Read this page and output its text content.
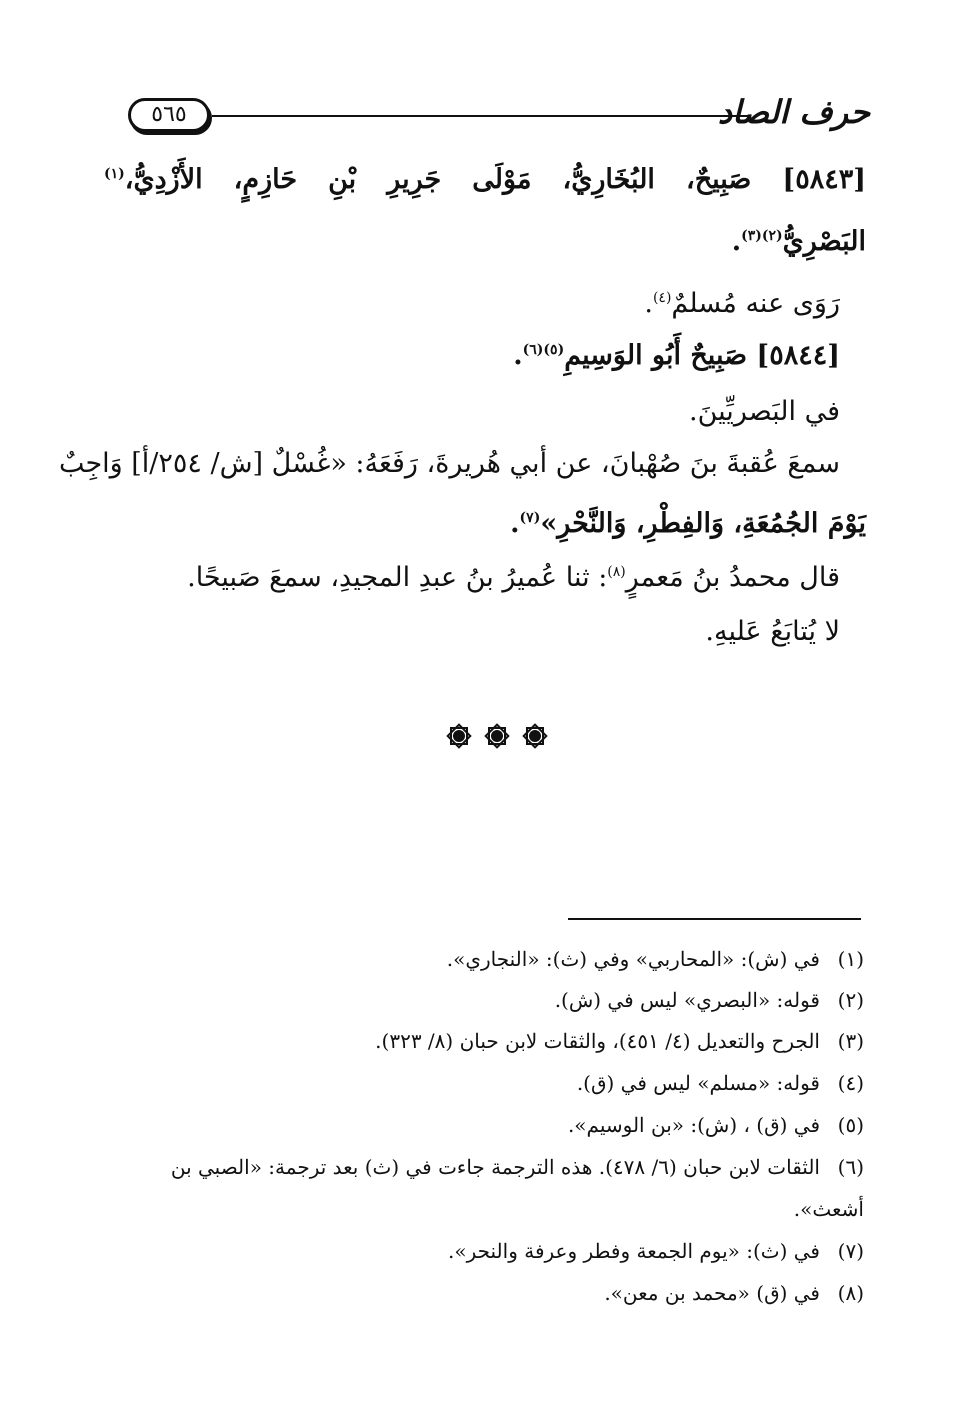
٥٦٥	حرف الصاد
[٥٨٤٣] صَبِيحٌ، البُخَارِيُّ، مَوْلَى جَرِيرِ بْنِ حَازِمٍ، الأَزْدِيُّ،$^{(١)}$
البَصْرِيُّ$^{(٢)(٣)}$.
رَوَى عنه مُسلمٌ$^{(٤)}$.
[٥٨٤٤] صَبِيحٌ أَبُو الوَسِيمِ$^{(٥)(٦)}$.
في البَصريِّينَ.
سمعَ عُقبةَ بنَ صُهْبانَ، عن أبي هُريرةَ، رَفَعَهُ: «غُسْلٌ [ش/ ٢٥٤/أ] وَاجِبٌ
يَوْمَ الجُمُعَةِ، وَالفِطْرِ، وَالنَّحْرِ»$^{(٧)}$.
قال محمدُ بنُ مَعمرٍ$^{(٨)}$: ثنا عُميرُ بنُ عبدِ المجيدِ، سمعَ صَبيحًا.
لا يُتابَعُ عَليهِ.
(١)في (ش): «المحاربي» وفي (ث): «النجاري».
(٢)قوله: «البصري» ليس في (ش).
(٣)الجرح والتعديل (٤/ ٤٥١)، والثقات لابن حبان (٨/ ٣٢٣).
(٤)قوله: «مسلم» ليس في (ق).
(٥)في (ق) ، (ش): «بن الوسيم».
(٦)الثقات لابن حبان (٦/ ٤٧٨). هذه الترجمة جاءت في (ث) بعد ترجمة: «الصبي بن
أشعث».
(٧)في (ث): «يوم الجمعة وفطر وعرفة والنحر».
(٨)في (ق) «محمد بن معن».
